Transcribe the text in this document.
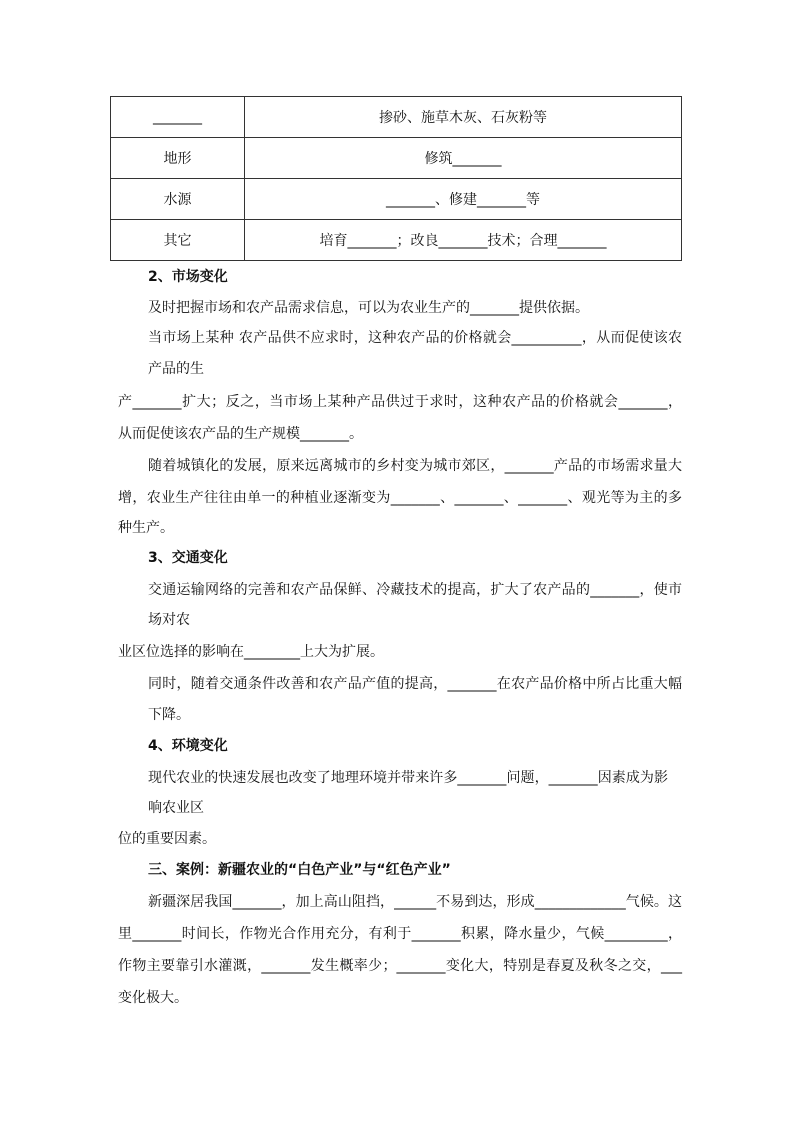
_______	掺砂、施草木灰、石灰粉等
地形	修筑_______
水源	_______、修建_______等
其它	培育_______；改良_______技术；合理_______
2、市场变化
及时把握市场和农产品需求信息，可以为农业生产的_______提供依据。
当市场上某种 农产品供不应求时，这种农产品的价格就会__________，从而促使该农
产品的生
产_______扩大；反之，当市场上某种产品供过于求时，这种农产品的价格就会_______，
从而促使该农产品的生产规模_______。
随着城镇化的发展，原来远离城市的乡村变为城市郊区，_______产品的市场需求量大
增，农业生产往往由单一的种植业逐渐变为_______、_______、_______、观光等为主的多
种生产。
3、交通变化
交通运输网络的完善和农产品保鲜、冷藏技术的提高，扩大了农产品的_______，使市
场对农
业区位选择的影响在________上大为扩展。
同时，随着交通条件改善和农产品产值的提高，_______在农产品价格中所占比重大幅
下降。
4、环境变化
现代农业的快速发展也改变了地理环境并带来许多_______问题，_______因素成为影
响农业区
位的重要因素。
三、案例：新疆农业的“白色产业”与“红色产业”
新疆深居我国_______，加上高山阻挡，______不易到达，形成_____________气候。这
里_______时间长，作物光合作用充分，有利于_______积累，降水量少，气候_________，
作物主要靠引水灌溉，_______发生概率少；_______变化大，特别是春夏及秋冬之交，___
变化极大。
